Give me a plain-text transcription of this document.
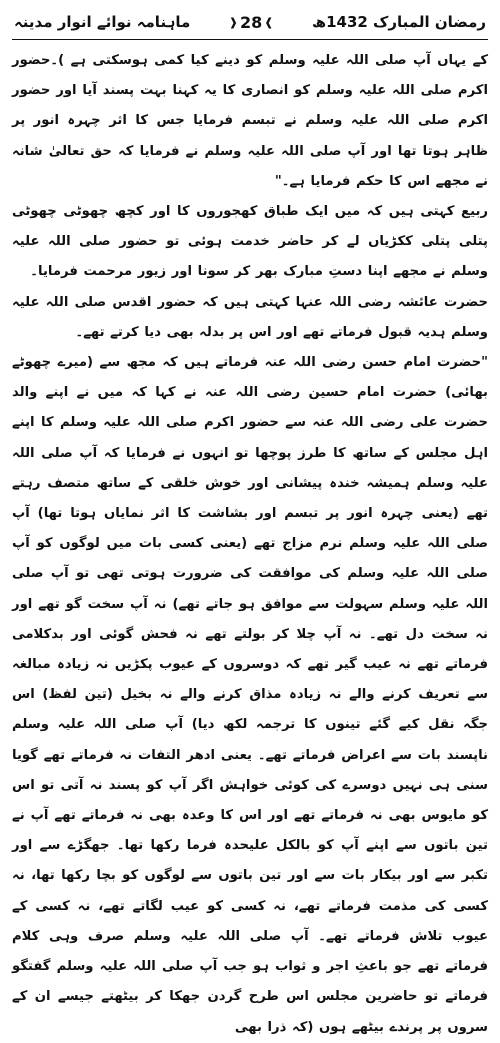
رمضان المبارک 1432ھ
❱
28
❰
ماہنامہ نوائے انوار مدینہ

کے یہاں آپ صلی اللہ علیہ وسلم کو دینے کیا کمی ہوسکتی ہے )۔حضور اکرم صلی اللہ علیہ وسلم کو انصاری کا یہ کہنا بہت پسند آیا اور حضور اکرم صلی اللہ علیہ وسلم نے تبسم فرمایا جس کا اثر چہرہ انور پر ظاہر ہوتا تھا اور آپ صلی اللہ علیہ وسلم نے فرمایا کہ حق تعالیٰ شانہ نے مجھے اس کا حکم فرمایا ہے۔"

ربیع کہتی ہیں کہ میں ایک طباق کھجوروں کا اور کچھ چھوٹی چھوٹی پتلی پتلی ککڑیاں لے کر حاضر خدمت ہوئی تو حضور صلی اللہ علیہ وسلم نے مجھے اپنا دستِ مبارک بھر کر سونا اور زیور مرحمت فرمایا۔

حضرت عائشہ رضی اللہ عنہا کہتی ہیں کہ حضور اقدس صلی اللہ علیہ وسلم ہدیہ قبول فرماتے تھے اور اس پر بدلہ بھی دیا کرتے تھے۔

"حضرت امام حسن رضی اللہ عنہ فرماتے ہیں کہ مجھ سے (میرے چھوٹے بھائی) حضرت امام حسین رضی اللہ عنہ نے کہا کہ میں نے اپنے والد حضرت علی رضی اللہ عنہ سے حضور اکرم صلی اللہ علیہ وسلم کا اپنے اہل مجلس کے ساتھ کا طرز پوچھا تو انہوں نے فرمایا کہ آپ صلی اللہ علیہ وسلم ہمیشہ خندہ پیشانی اور خوش خلقی کے ساتھ متصف رہتے تھے (یعنی چہرہ انور پر تبسم اور بشاشت کا اثر نمایاں ہوتا تھا) آپ صلی اللہ علیہ وسلم نرم مزاج تھے (یعنی کسی بات میں لوگوں کو آپ صلی اللہ علیہ وسلم کی موافقت کی ضرورت ہوتی تھی تو آپ صلی اللہ علیہ وسلم سہولت سے موافق ہو جاتے تھے) نہ آپ سخت گو تھے اور نہ سخت دل تھے۔ نہ آپ چلا کر بولتے تھے نہ فحش گوئی اور بدکلامی فرماتے تھے نہ عیب گیر تھے کہ دوسروں کے عیوب پکڑیں نہ زیادہ مبالغہ سے تعریف کرنے والے نہ زیادہ مذاق کرنے والے نہ بخیل (تین لفظ) اس جگہ نقل کیے گئے تینوں کا ترجمہ لکھ دیا) آپ صلی اللہ علیہ وسلم ناپسند بات سے اعراض فرماتے تھے۔ یعنی ادھر التفات نہ فرماتے تھے گویا سنی ہی نہیں دوسرے کی کوئی خواہش اگر آپ کو پسند نہ آتی تو اس کو مایوس بھی نہ فرماتے تھے اور اس کا وعدہ بھی نہ فرماتے تھے آپ نے تین باتوں سے اپنے آپ کو بالکل علیحدہ فرما رکھا تھا۔ جھگڑے سے اور تکبر سے اور بیکار بات سے اور تین باتوں سے لوگوں کو بچا رکھا تھا، نہ کسی کی مذمت فرماتے تھے، نہ کسی کو عیب لگاتے تھے، نہ کسی کے عیوب تلاش فرماتے تھے۔ آپ صلی اللہ علیہ وسلم صرف وہی کلام فرماتے تھے جو باعثِ اجر و ثواب ہو جب آپ صلی اللہ علیہ وسلم گفتگو فرماتے تو حاضرین مجلس اس طرح گردن جھکا کر بیٹھتے جیسے ان کے سروں پر پرندے بیٹھے ہوں (کہ ذرا بھی
